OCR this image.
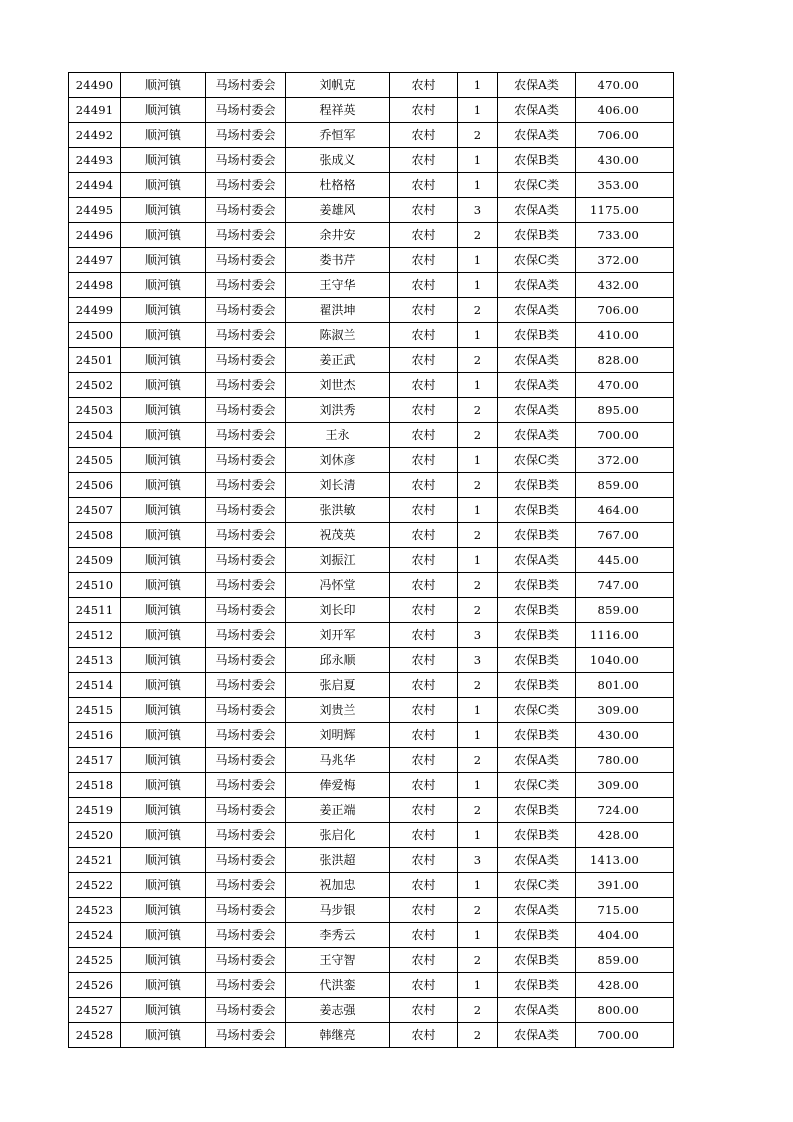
24490	顺河镇	马场村委会	刘帆克	农村	1	农保A类	470.00
24491	顺河镇	马场村委会	程祥英	农村	1	农保A类	406.00
24492	顺河镇	马场村委会	乔恒军	农村	2	农保A类	706.00
24493	顺河镇	马场村委会	张成义	农村	1	农保B类	430.00
24494	顺河镇	马场村委会	杜格格	农村	1	农保C类	353.00
24495	顺河镇	马场村委会	姜雄风	农村	3	农保A类	1175.00
24496	顺河镇	马场村委会	余井安	农村	2	农保B类	733.00
24497	顺河镇	马场村委会	娄书芹	农村	1	农保C类	372.00
24498	顺河镇	马场村委会	王守华	农村	1	农保A类	432.00
24499	顺河镇	马场村委会	翟洪坤	农村	2	农保A类	706.00
24500	顺河镇	马场村委会	陈淑兰	农村	1	农保B类	410.00
24501	顺河镇	马场村委会	姜正武	农村	2	农保A类	828.00
24502	顺河镇	马场村委会	刘世杰	农村	1	农保A类	470.00
24503	顺河镇	马场村委会	刘洪秀	农村	2	农保A类	895.00
24504	顺河镇	马场村委会	王永	农村	2	农保A类	700.00
24505	顺河镇	马场村委会	刘休彦	农村	1	农保C类	372.00
24506	顺河镇	马场村委会	刘长清	农村	2	农保B类	859.00
24507	顺河镇	马场村委会	张洪敏	农村	1	农保B类	464.00
24508	顺河镇	马场村委会	祝茂英	农村	2	农保B类	767.00
24509	顺河镇	马场村委会	刘振江	农村	1	农保A类	445.00
24510	顺河镇	马场村委会	冯怀堂	农村	2	农保B类	747.00
24511	顺河镇	马场村委会	刘长印	农村	2	农保B类	859.00
24512	顺河镇	马场村委会	刘开军	农村	3	农保B类	1116.00
24513	顺河镇	马场村委会	邱永顺	农村	3	农保B类	1040.00
24514	顺河镇	马场村委会	张启夏	农村	2	农保B类	801.00
24515	顺河镇	马场村委会	刘贵兰	农村	1	农保C类	309.00
24516	顺河镇	马场村委会	刘明辉	农村	1	农保B类	430.00
24517	顺河镇	马场村委会	马兆华	农村	2	农保A类	780.00
24518	顺河镇	马场村委会	俸爱梅	农村	1	农保C类	309.00
24519	顺河镇	马场村委会	姜正端	农村	2	农保B类	724.00
24520	顺河镇	马场村委会	张启化	农村	1	农保B类	428.00
24521	顺河镇	马场村委会	张洪超	农村	3	农保A类	1413.00
24522	顺河镇	马场村委会	祝加忠	农村	1	农保C类	391.00
24523	顺河镇	马场村委会	马步银	农村	2	农保A类	715.00
24524	顺河镇	马场村委会	李秀云	农村	1	农保B类	404.00
24525	顺河镇	马场村委会	王守智	农村	2	农保B类	859.00
24526	顺河镇	马场村委会	代洪銮	农村	1	农保B类	428.00
24527	顺河镇	马场村委会	姜志强	农村	2	农保A类	800.00
24528	顺河镇	马场村委会	韩继亮	农村	2	农保A类	700.00
